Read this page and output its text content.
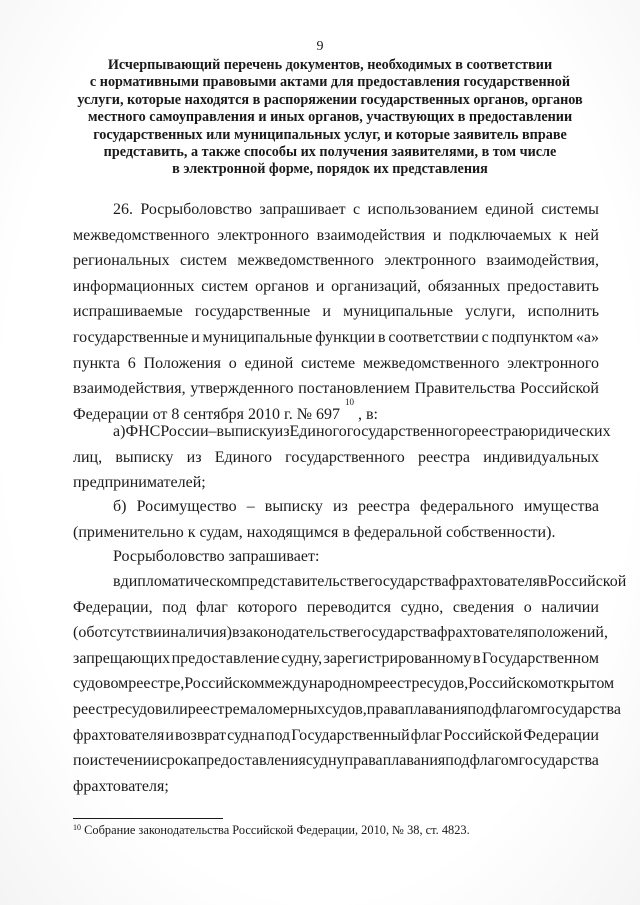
9
Исчерпывающий перечень документов, необходимых в соответствии
с нормативными правовыми актами для предоставления государственной
услуги, которые находятся в распоряжении государственных органов, органов
местного самоуправления и иных органов, участвующих в предоставлении
государственных или муниципальных услуг, и которые заявитель вправе
представить, а также способы их получения заявителями, в том числе
в электронной форме, порядок их представления
26. Росрыболовство запрашивает с использованием единой системы
межведомственного электронного взаимодействия и подключаемых к ней
региональных систем межведомственного электронного взаимодействия,
информационных систем органов и организаций, обязанных предоставить
испрашиваемые государственные и муниципальные услуги, исполнить
государственные и муниципальные функции в соответствии с подпунктом «а»
пункта 6 Положения о единой системе межведомственного электронного
взаимодействия, утвержденного постановлением Правительства Российской
Федерации от 8 сентября 2010 г. № 697
10

, в:
а) ФНС России – выписку из Единого государственного реестра юридических
лиц, выписку из Единого государственного реестра индивидуальных
предпринимателей;
б) Росимущество – выписку из реестра федерального имущества
(применительно к судам, находящимся в федеральной собственности).
Росрыболовство запрашивает:
в дипломатическом представительстве государства фрахтователя в Российской
Федерации, под флаг которого переводится судно, сведения о наличии
(об отсутствии наличия) в законодательстве государства фрахтователя положений,
запрещающих предоставление судну, зарегистрированному в Государственном
судовом реестре, Российском международном реестре судов, Российском открытом
реестре судов или реестре маломерных судов, права плавания под флагом государства
фрахтователя и возврат судна под Государственный флаг Российской Федерации
по истечении срока предоставления судну права плавания под флагом государства
фрахтователя;
$^{10}$ Собрание законодательства Российской Федерации, 2010, № 38, ст. 4823.
